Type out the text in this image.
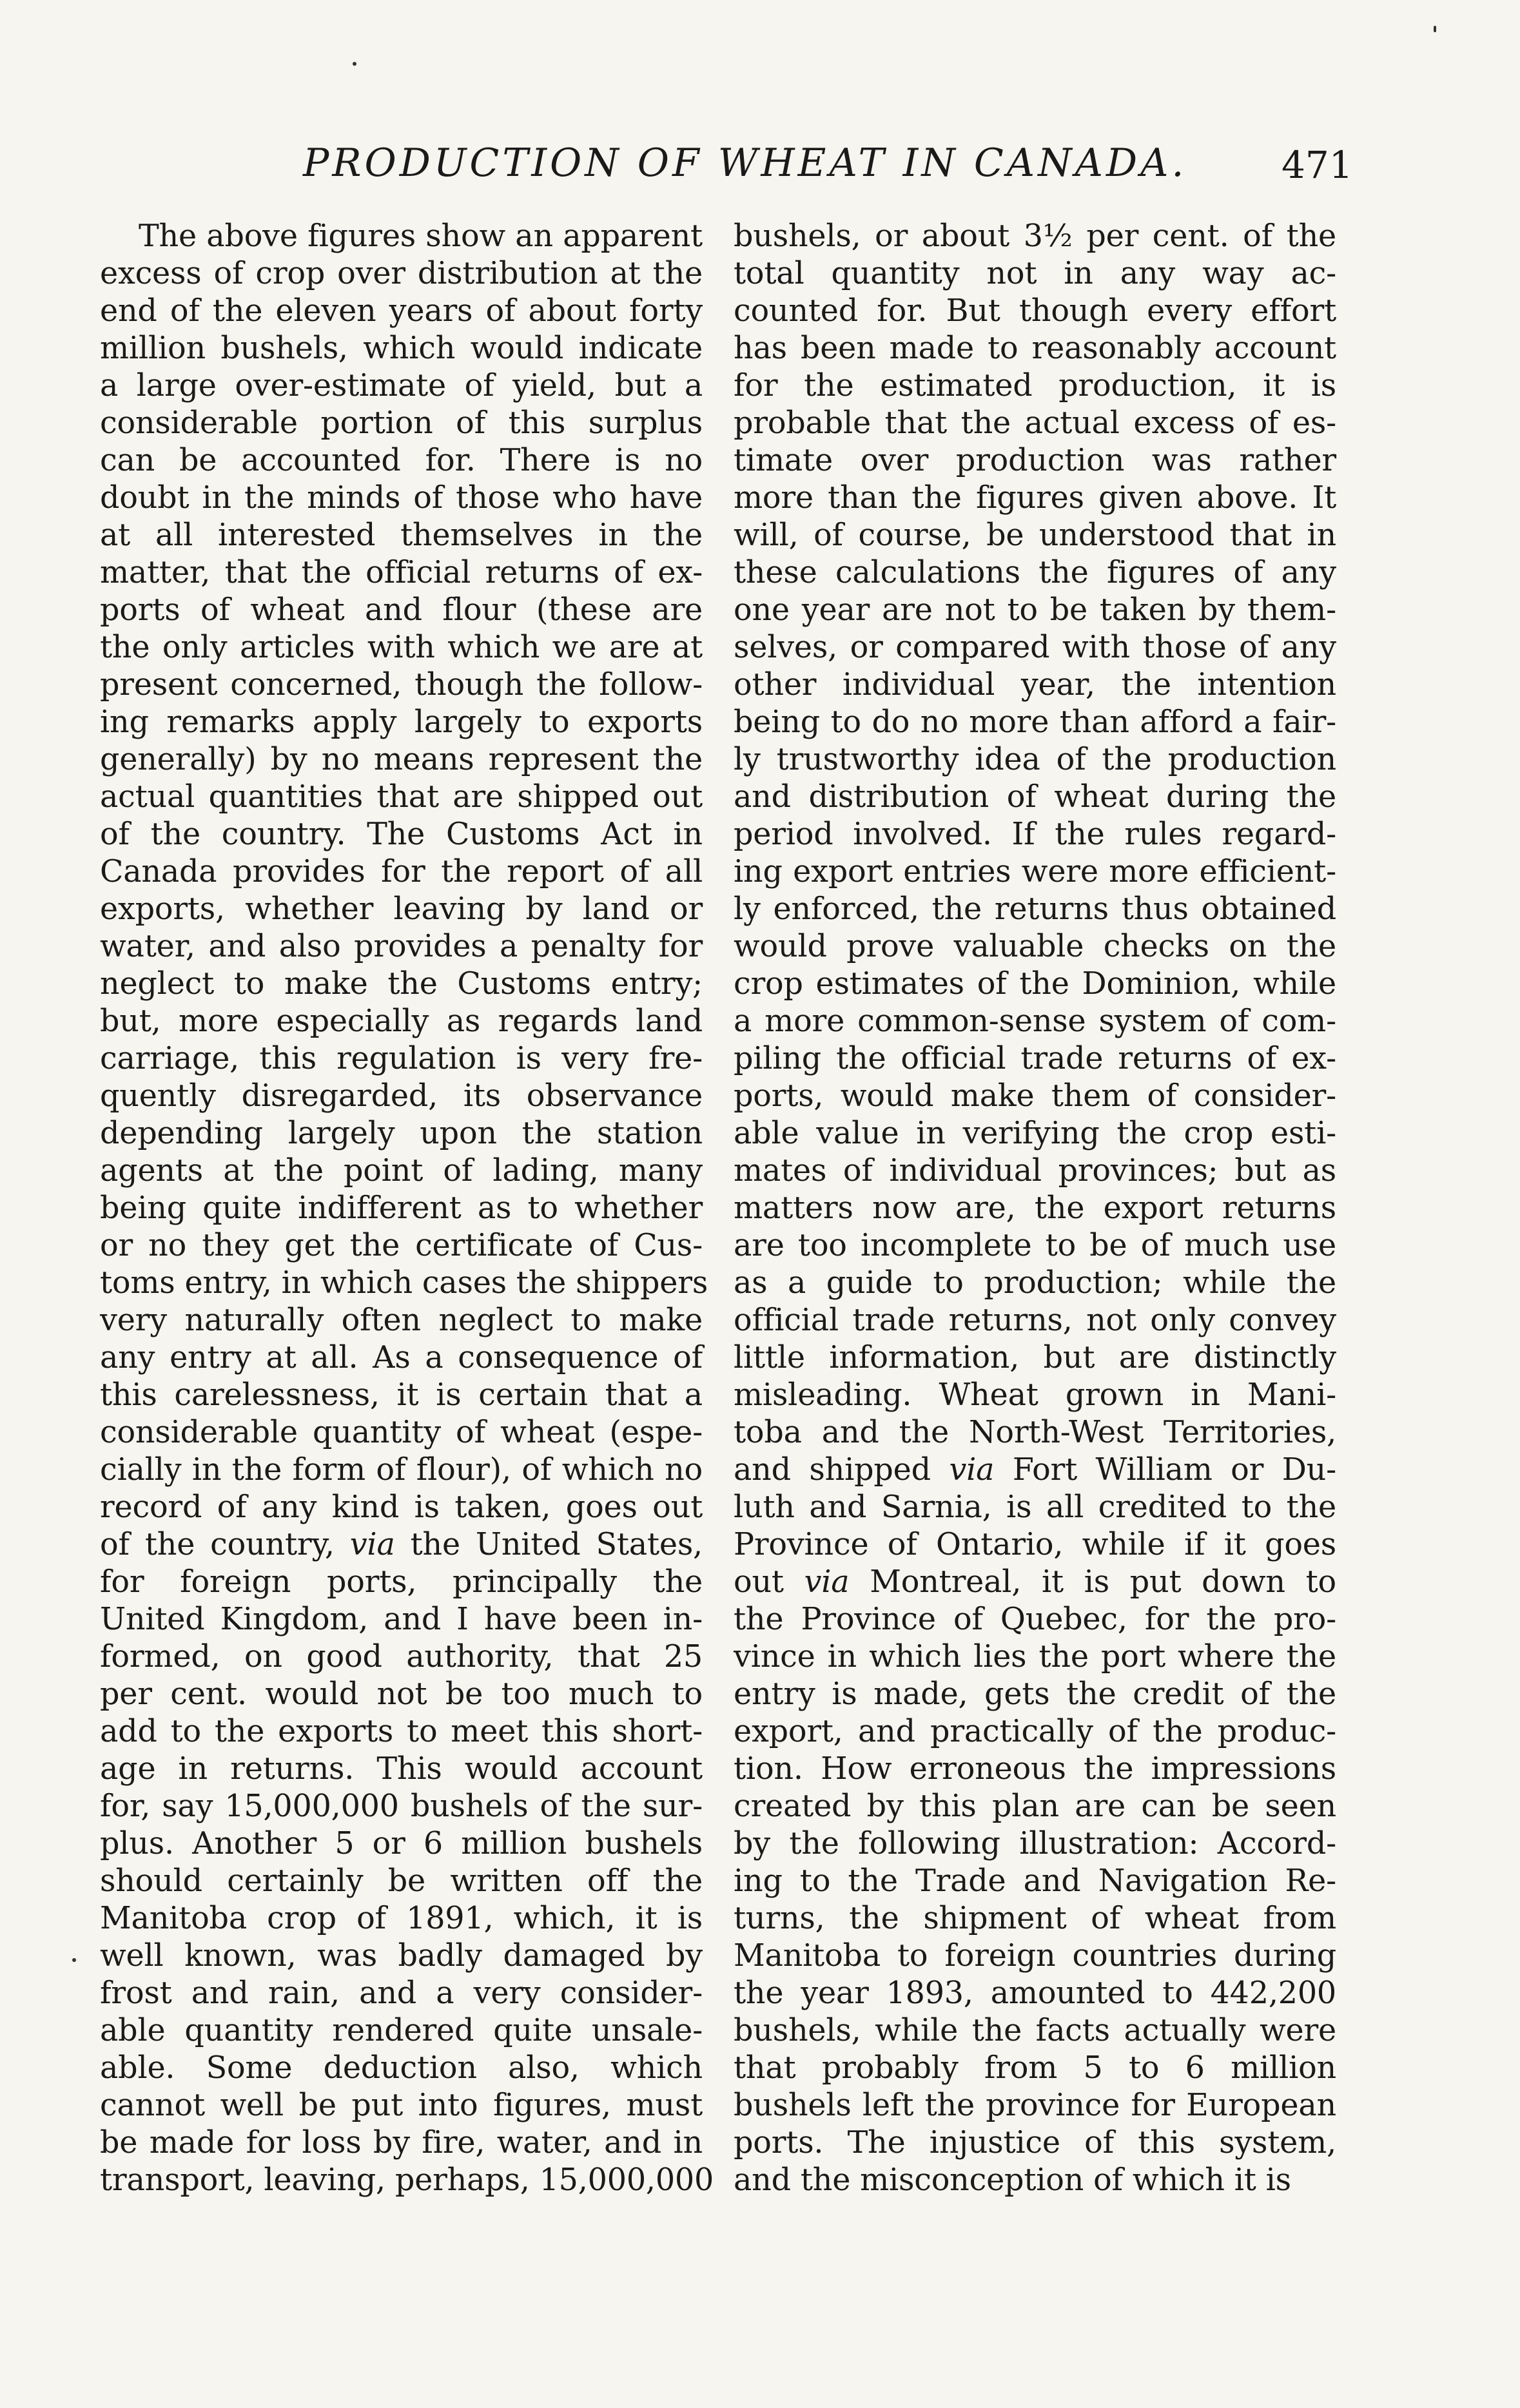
PRODUCTION OF WHEAT IN CANADA.	471
The above figures show an apparent
excess of crop over distribution at the
end of the eleven years of about forty
million bushels, which would indicate
a large over-estimate of yield, but a
considerable portion of this surplus
can be accounted for. There is no
doubt in the minds of those who have
at all interested themselves in the
matter, that the official returns of ex-
ports of wheat and flour (these are
the only articles with which we are at
present concerned, though the follow-
ing remarks apply largely to exports
generally) by no means represent the
actual quantities that are shipped out
of the country. The Customs Act in
Canada provides for the report of all
exports, whether leaving by land or
water, and also provides a penalty for
neglect to make the Customs entry;
but, more especially as regards land
carriage, this regulation is very fre-
quently disregarded, its observance
depending largely upon the station
agents at the point of lading, many
being quite indifferent as to whether
or no they get the certificate of Cus-
toms entry, in which cases the shippers
very naturally often neglect to make
any entry at all. As a consequence of
this carelessness, it is certain that a
considerable quantity of wheat (espe-
cially in the form of flour), of which no
record of any kind is taken, goes out
of the country, via the United States,
for foreign ports, principally the
United Kingdom, and I have been in-
formed, on good authority, that 25
per cent. would not be too much to
add to the exports to meet this short-
age in returns. This would account
for, say 15,000,000 bushels of the sur-
plus. Another 5 or 6 million bushels
should certainly be written off the
Manitoba crop of 1891, which, it is
well known, was badly damaged by
frost and rain, and a very consider-
able quantity rendered quite unsale-
able. Some deduction also, which
cannot well be put into figures, must
be made for loss by fire, water, and in
transport, leaving, perhaps, 15,000,000
bushels, or about 3½ per cent. of the
total quantity not in any way ac-
counted for. But though every effort
has been made to reasonably account
for the estimated production, it is
probable that the actual excess of es-
timate over production was rather
more than the figures given above. It
will, of course, be understood that in
these calculations the figures of any
one year are not to be taken by them-
selves, or compared with those of any
other individual year, the intention
being to do no more than afford a fair-
ly trustworthy idea of the production
and distribution of wheat during the
period involved. If the rules regard-
ing export entries were more efficient-
ly enforced, the returns thus obtained
would prove valuable checks on the
crop estimates of the Dominion, while
a more common-sense system of com-
piling the official trade returns of ex-
ports, would make them of consider-
able value in verifying the crop esti-
mates of individual provinces; but as
matters now are, the export returns
are too incomplete to be of much use
as a guide to production; while the
official trade returns, not only convey
little information, but are distinctly
misleading. Wheat grown in Mani-
toba and the North-West Territories,
and shipped via Fort William or Du-
luth and Sarnia, is all credited to the
Province of Ontario, while if it goes
out via Montreal, it is put down to
the Province of Quebec, for the pro-
vince in which lies the port where the
entry is made, gets the credit of the
export, and practically of the produc-
tion. How erroneous the impressions
created by this plan are can be seen
by the following illustration: Accord-
ing to the Trade and Navigation Re-
turns, the shipment of wheat from
Manitoba to foreign countries during
the year 1893, amounted to 442,200
bushels, while the facts actually were
that probably from 5 to 6 million
bushels left the province for European
ports. The injustice of this system,
and the misconception of which it is
